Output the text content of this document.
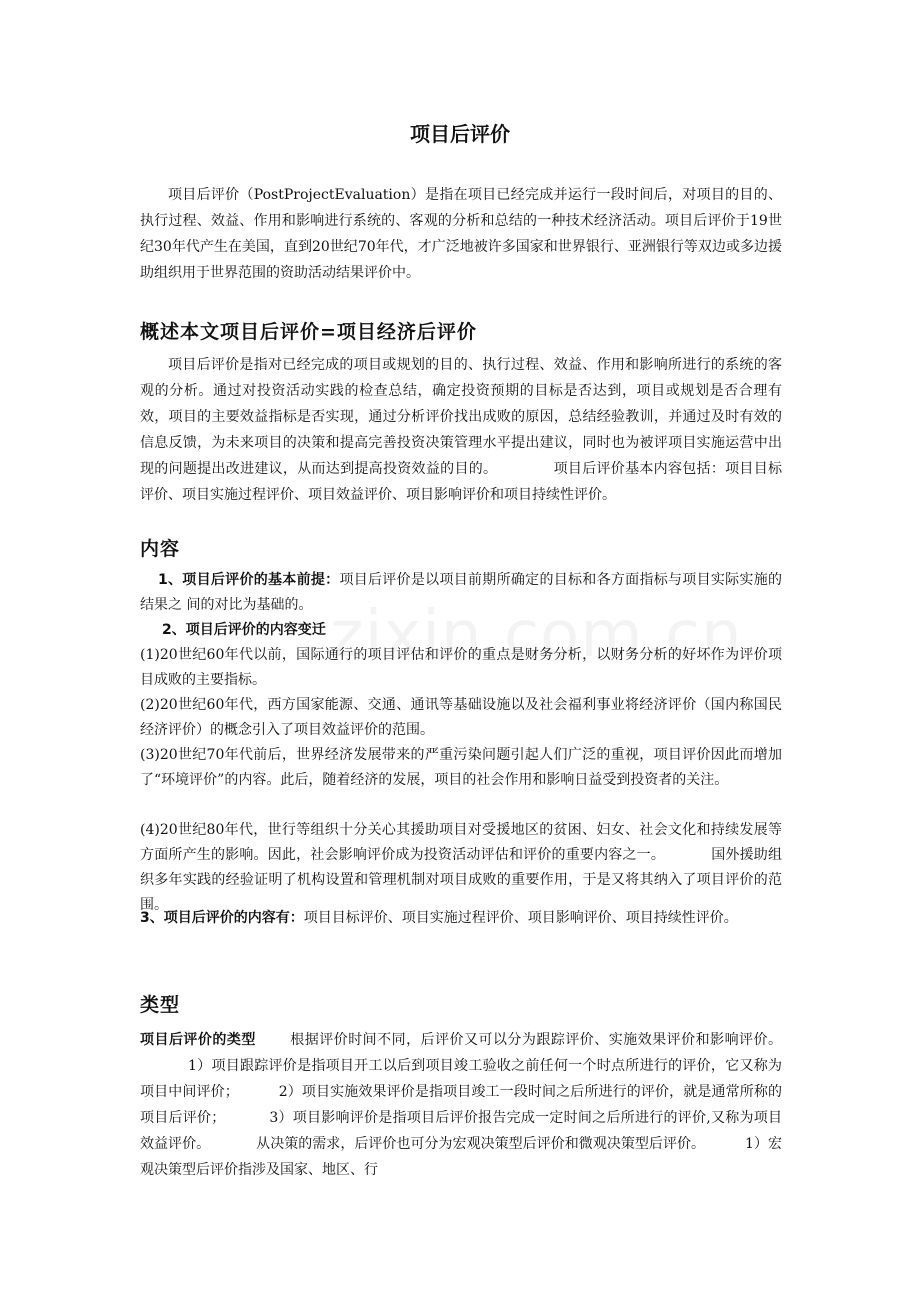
项目后评价

项目后评价（PostProjectEvaluation）是指在项目已经完成并运行一段时间后，对项目的目的、执行过程、效益、作用和影响进行系统的、客观的分析和总结的一种技术经济活动。项目后评价于19世纪30年代产生在美国，直到20世纪70年代，才广泛地被许多国家和世界银行、亚洲银行等双边或多边援助组织用于世界范围的资助活动结果评价中。

概述本文项目后评价=项目经济后评价

项目后评价是指对已经完成的项目或规划的目的、执行过程、效益、作用和影响所进行的系统的客观的分析。通过对投资活动实践的检查总结，确定投资预期的目标是否达到，项目或规划是否合理有效，项目的主要效益指标是否实现，通过分析评价找出成败的原因，总结经验教训，并通过及时有效的信息反馈，为未来项目的决策和提高完善投资决策管理水平提出建议，同时也为被评项目实施运营中出现的问题提出改进建议，从而达到提高投资效益的目的。	项目后评价基本内容包括：项目目标评价、项目实施过程评价、项目效益评价、项目影响评价和项目持续性评价。

内容

1、项目后评价的基本前提：项目后评价是以项目前期所确定的目标和各方面指标与项目实际实施的结果之 间的对比为基础的。

2、项目后评价的内容变迁

(1)20世纪60年代以前，国际通行的项目评估和评价的重点是财务分析，以财务分析的好坏作为评价项目成败的主要指标。

(2)20世纪60年代，西方国家能源、交通、通讯等基础设施以及社会福利事业将经济评价（国内称国民经济评价）的概念引入了项目效益评价的范围。

(3)20世纪70年代前后，世界经济发展带来的严重污染问题引起人们广泛的重视，项目评价因此而增加了“环境评价”的内容。此后，随着经济的发展，项目的社会作用和影响日益受到投资者的关注。

(4)20世纪80年代，世行等组织十分关心其援助项目对受援地区的贫困、妇女、社会文化和持续发展等方面所产生的影响。因此，社会影响评价成为投资活动评估和评价的重要内容之一。	国外援助组织多年实践的经验证明了机构设置和管理机制对项目成败的重要作用，于是又将其纳入了项目评价的范围。

3、项目后评价的内容有：项目目标评价、项目实施过程评价、项目影响评价、项目持续性评价。

类型

项目后评价的类型 根据评价时间不同，后评价又可以分为跟踪评价、实施效果评价和影响评价。1）项目跟踪评价是指项目开工以后到项目竣工验收之前任何一个时点所进行的评价，它又称为项目中间评价；	2）项目实施效果评价是指项目竣工一段时间之后所进行的评价，就是通常所称的项目后评价；	3）项目影响评价是指项目后评价报告完成一定时间之后所进行的评价,又称为项目效益评价。	从决策的需求，后评价也可分为宏观决策型后评价和微观决策型后评价。	1）宏观决策型后评价指涉及国家、地区、行
